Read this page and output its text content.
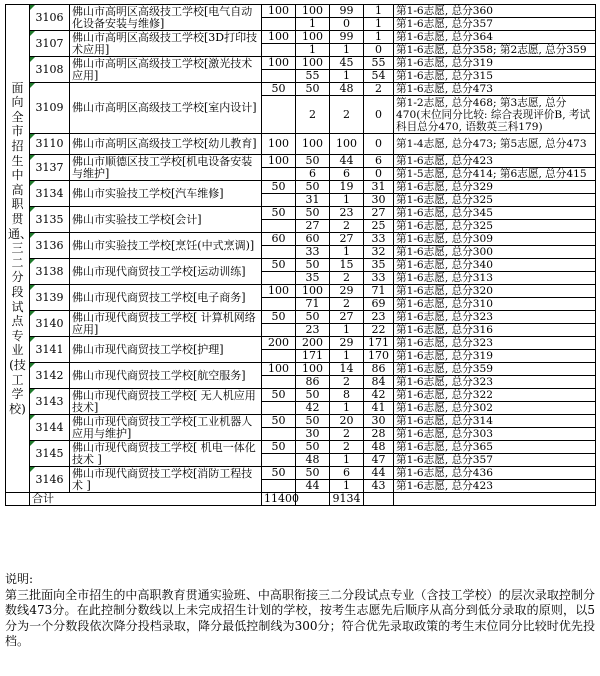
面向全市招生中高职贯通、三二分段试点专业(技工学校)	3106	佛山市高明区高级技工学校[电气自动化设备安装与维修]	100	100	99	1	第1-6志愿, 总分360
				1	0	1	第1-6志愿, 总分357
	3107	佛山市高明区高级技工学校[3D打印技术应用]	100	100	99	1	第1-6志愿, 总分364
				1	1	0	第1-6志愿, 总分358; 第2志愿, 总分359
	3108	佛山市高明区高级技工学校[激光技术应用]	100	100	45	55	第1-6志愿, 总分319
				55	1	54	第1-6志愿, 总分315
	3109	佛山市高明区高级技工学校[室内设计]	50	50	48	2	第1-6志愿, 总分473
				2	2	0	第1-2志愿, 总分468; 第3志愿, 总分470(末位同分比较: 综合表现评价B, 考试科目总分470, 语数英三科179)
	3110	佛山市高明区高级技工学校[幼儿教育]	100	100	100	0	第1-4志愿, 总分473; 第5志愿, 总分473
	3137	佛山市顺德区技工学校[机电设备安装与维护]	100	50	44	6	第1-6志愿, 总分423
				6	6	0	第1-5志愿, 总分414; 第6志愿, 总分415
	3134	佛山市实验技工学校[汽车维修]	50	50	19	31	第1-6志愿, 总分329
				31	1	30	第1-6志愿, 总分325
	3135	佛山市实验技工学校[会计]	50	50	23	27	第1-6志愿, 总分345
				27	2	25	第1-6志愿, 总分325
	3136	佛山市实验技工学校[烹饪(中式烹调)]	60	60	27	33	第1-6志愿, 总分309
				33	1	32	第1-6志愿, 总分300
	3138	佛山市现代商贸技工学校[运动训练]	50	50	15	35	第1-6志愿, 总分340
				35	2	33	第1-6志愿, 总分313
	3139	佛山市现代商贸技工学校[电子商务]	100	100	29	71	第1-6志愿, 总分320
				71	2	69	第1-6志愿, 总分310
	3140	佛山市现代商贸技工学校[ 计算机网络应用]	50	50	27	23	第1-6志愿, 总分323
				23	1	22	第1-6志愿, 总分316
	3141	佛山市现代商贸技工学校[护理]	200	200	29	171	第1-6志愿, 总分323
				171	1	170	第1-6志愿, 总分319
	3142	佛山市现代商贸技工学校[航空服务]	100	100	14	86	第1-6志愿, 总分359
				86	2	84	第1-6志愿, 总分323
	3143	佛山市现代商贸技工学校[ 无人机应用技术]	50	50	8	42	第1-6志愿, 总分322
				42	1	41	第1-6志愿, 总分302
	3144	佛山市现代商贸技工学校[工业机器人应用与维护]	50	50	20	30	第1-6志愿, 总分314
				30	2	28	第1-6志愿, 总分303
	3145	佛山市现代商贸技工学校[ 机电一体化技术 ]	50	50	2	48	第1-6志愿, 总分365
				48	1	47	第1-6志愿, 总分357
	3146	佛山市现代商贸技工学校[消防工程技术 ]	50	50	6	44	第1-6志愿, 总分436
				44	1	43	第1-6志愿, 总分423
	合计		11400		9134		

说明:

第三批面向全市招生的中高职教育贯通实验班、中高职衔接三二分段试点专业（含技工学校）的层次录取控制分数线473分。在此控制分数线以上未完成招生计划的学校，按考生志愿先后顺序从高分到低分录取的原则，以5分为一个分数段依次降分投档录取，降分最低控制线为300分；符合优先录取政策的考生末位同分比较时优先投档。
